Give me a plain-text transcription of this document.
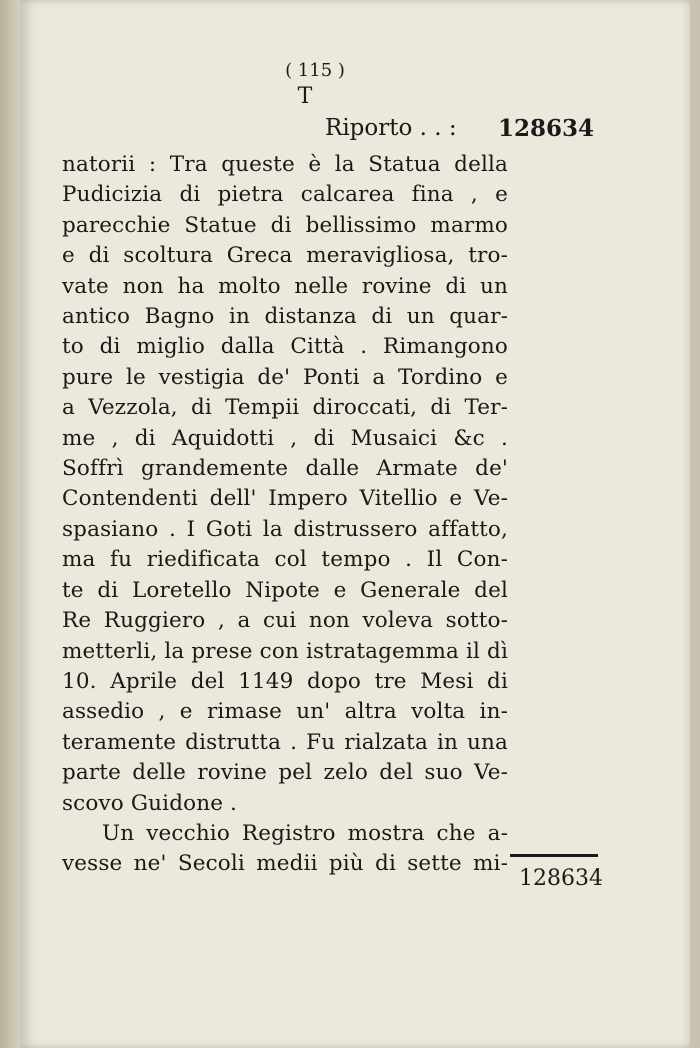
( 115 )
T
Riporto . . : 128634
natorii : Tra queste è la Statua della
Pudicizia di pietra calcarea fina , e
parecchie Statue di bellissimo marmo
e di scoltura Greca meravigliosa, tro-
vate non ha molto nelle rovine di un
antico Bagno in distanza di un quar-
to di miglio dalla Città . Rimangono
pure le vestigia de' Ponti a Tordino e
a Vezzola, di Tempii diroccati, di Ter-
me , di Aquidotti , di Musaici &c .
Soffrì grandemente dalle Armate de'
Contendenti dell' Impero Vitellio e Ve-
spasiano . I Goti la distrussero affatto,
ma fu riedificata col tempo . Il Con-
te di Loretello Nipote e Generale del
Re Ruggiero , a cui non voleva sotto-
metterli, la prese con istratagemma il dì
10. Aprile del 1149 dopo tre Mesi di
assedio , e rimase un' altra volta in-
teramente distrutta . Fu rialzata in una
parte delle rovine pel zelo del suo Ve-
scovo Guidone .
Un vecchio Registro mostra che a-
vesse ne' Secoli medii più di sette mi-
128634
